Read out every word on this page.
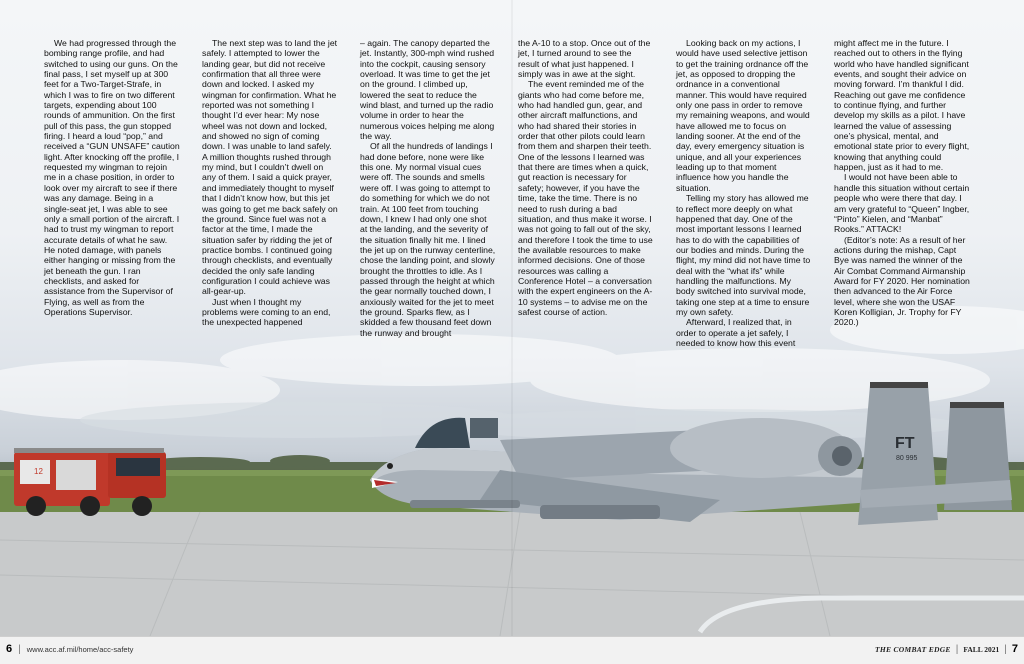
12
FT
80 995

We had progressed through the bombing range profile, and had switched to using our guns. On the final pass, I set myself up at 300 feet for a Two-Target-Strafe, in which I was to fire on two different targets, expending about 100 rounds of ammunition. On the first pull of this pass, the gun stopped firing. I heard a loud “pop,” and received a “GUN UNSAFE” caution light. After knocking off the profile, I requested my wingman to rejoin me in a chase position, in order to look over my aircraft to see if there was any damage. Being in a single-seat jet, I was able to see only a small portion of the aircraft. I had to trust my wingman to report accurate details of what he saw. He noted damage, with panels either hanging or missing from the jet beneath the gun. I ran checklists, and asked for assistance from the Supervisor of Flying, as well as from the Operations Supervisor.

The next step was to land the jet safely. I attempted to lower the landing gear, but did not receive confirmation that all three were down and locked. I asked my wingman for confirmation. What he reported was not something I thought I’d ever hear: My nose wheel was not down and locked, and showed no sign of coming down. I was unable to land safely. A million thoughts rushed through my mind, but I couldn’t dwell on any of them. I said a quick prayer, and immediately thought to myself that I didn’t know how, but this jet was going to get me back safely on the ground. Since fuel was not a factor at the time, I made the situation safer by ridding the jet of practice bombs. I continued going through checklists, and eventually decided the only safe landing configuration I could achieve was all-gear-up.

Just when I thought my problems were coming to an end, the unexpected happened

– again. The canopy departed the jet. Instantly, 300-mph wind rushed into the cockpit, causing sensory overload. It was time to get the jet on the ground. I climbed up, lowered the seat to reduce the wind blast, and turned up the radio volume in order to hear the numerous voices helping me along the way.

Of all the hundreds of landings I had done before, none were like this one. My normal visual cues were off. The sounds and smells were off. I was going to attempt to do something for which we do not train. At 100 feet from touching down, I knew I had only one shot at the landing, and the severity of the situation finally hit me. I lined the jet up on the runway centerline, chose the landing point, and slowly brought the throttles to idle. As I passed through the height at which the gear normally touched down, I anxiously waited for the jet to meet the ground. Sparks flew, as I skidded a few thousand feet down the runway and brought

the A-10 to a stop. Once out of the jet, I turned around to see the result of what just happened. I simply was in awe at the sight.

The event reminded me of the giants who had come before me, who had handled gun, gear, and other aircraft malfunctions, and who had shared their stories in order that other pilots could learn from them and sharpen their teeth. One of the lessons I learned was that there are times when a quick, gut reaction is necessary for safety; however, if you have the time, take the time. There is no need to rush during a bad situation, and thus make it worse. I was not going to fall out of the sky, and therefore I took the time to use the available resources to make informed decisions. One of those resources was calling a Conference Hotel – a conversation with the expert engineers on the A-10 systems – to advise me on the safest course of action.

Looking back on my actions, I would have used selective jettison to get the training ordnance off the jet, as opposed to dropping the ordnance in a conventional manner. This would have required only one pass in order to remove my remaining weapons, and would have allowed me to focus on landing sooner. At the end of the day, every emergency situation is unique, and all your experiences leading up to that moment influence how you handle the situation.

Telling my story has allowed me to reflect more deeply on what happened that day. One of the most important lessons I learned has to do with the capabilities of our bodies and minds. During the flight, my mind did not have time to deal with the “what ifs” while handling the malfunctions. My body switched into survival mode, taking one step at a time to ensure my own safety.

Afterward, I realized that, in order to operate a jet safely, I needed to know how this event

might affect me in the future. I reached out to others in the flying world who have handled significant events, and sought their advice on moving forward. I’m thankful I did. Reaching out gave me confidence to continue flying, and further develop my skills as a pilot. I have learned the value of assessing one’s physical, mental, and emotional state prior to every flight, knowing that anything could happen, just as it had to me.

I would not have been able to handle this situation without certain people who were there that day. I am very grateful to “Queen” Ingber, “Pinto” Kielen, and “Manbat” Rooks.” ATTACK!

(Editor’s note: As a result of her actions during the mishap, Capt Bye was named the winner of the Air Combat Command Airmanship Award for FY 2020. Her nomination then advanced to the Air Force level, where she won the USAF Koren Kolligian, Jr. Trophy for FY 2020.)

6 | www.acc.af.mil/home/acc-safety	THE COMBAT EDGE | FALL 2021 | 7
